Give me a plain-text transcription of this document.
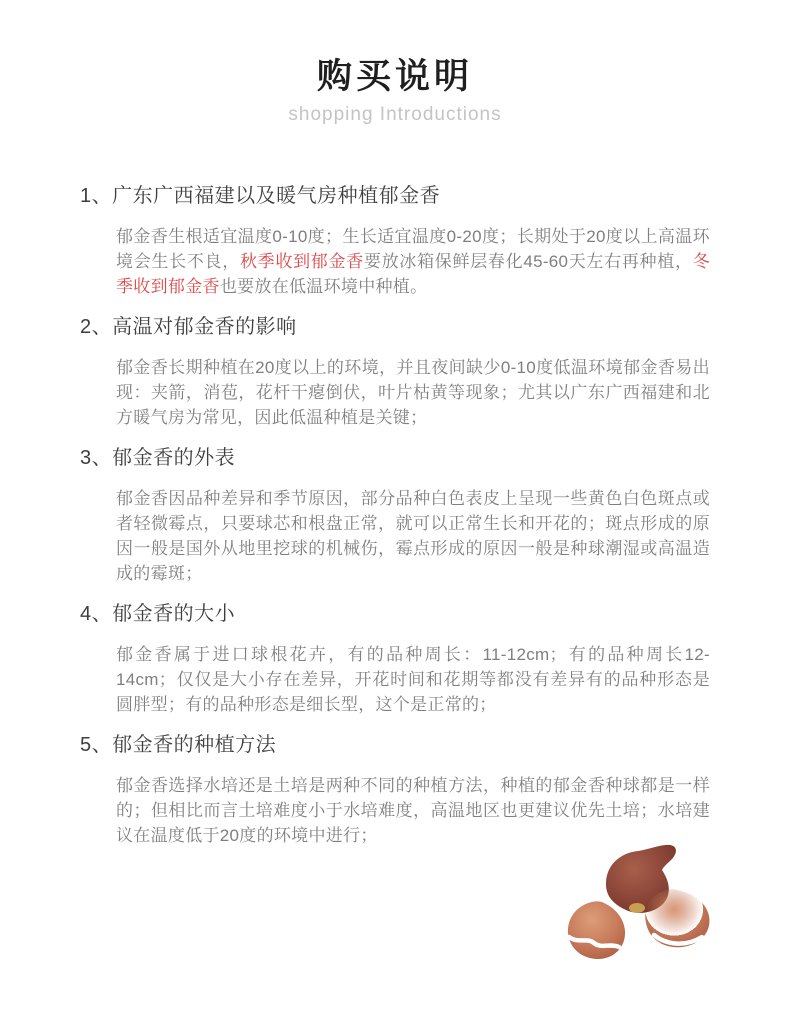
购买说明
shopping Introductions
1、广东广西福建以及暖气房种植郁金香

郁金香生根适宜温度0-10度；生长适宜温度0-20度；长期处于20度以上高温环境会生长不良，秋季收到郁金香要放冰箱保鲜层春化45-60天左右再种植，冬季收到郁金香也要放在低温环境中种植。

2、高温对郁金香的影响

郁金香长期种植在20度以上的环境，并且夜间缺少0-10度低温环境郁金香易出现：夹箭，消苞，花杆干瘪倒伏，叶片枯黄等现象；尤其以广东广西福建和北方暖气房为常见，因此低温种植是关键；

3、郁金香的外表

郁金香因品种差异和季节原因，部分品种白色表皮上呈现一些黄色白色斑点或者轻微霉点，只要球芯和根盘正常，就可以正常生长和开花的；斑点形成的原因一般是国外从地里挖球的机械伤，霉点形成的原因一般是种球潮湿或高温造成的霉斑；

4、郁金香的大小

郁金香属于进口球根花卉，有的品种周长：11-12cm；有的品种周长12-14cm；仅仅是大小存在差异，开花时间和花期等都没有差异有的品种形态是圆胖型；有的品种形态是细长型，这个是正常的；

5、郁金香的种植方法

郁金香选择水培还是土培是两种不同的种植方法，种植的郁金香种球都是一样的；但相比而言土培难度小于水培难度，高温地区也更建议优先土培；水培建议在温度低于20度的环境中进行；
